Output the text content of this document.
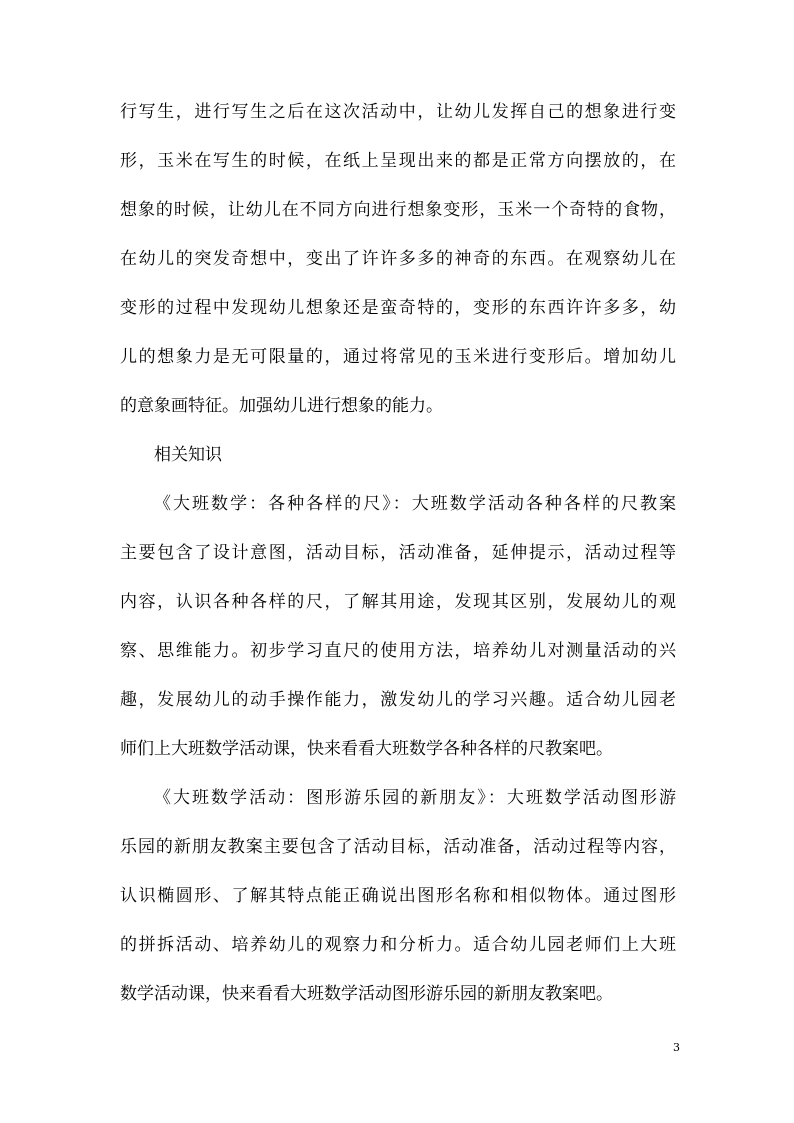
行写生，进行写生之后在这次活动中，让幼儿发挥自己的想象进行变
形，玉米在写生的时候，在纸上呈现出来的都是正常方向摆放的，在
想象的时候，让幼儿在不同方向进行想象变形，玉米一个奇特的食物，
在幼儿的突发奇想中，变出了许许多多的神奇的东西。在观察幼儿在
变形的过程中发现幼儿想象还是蛮奇特的，变形的东西许许多多，幼
儿的想象力是无可限量的，通过将常见的玉米进行变形后。增加幼儿
的意象画特征。加强幼儿进行想象的能力。
相关知识
《大班数学：各种各样的尺》：大班数学活动各种各样的尺教案
主要包含了设计意图，活动目标，活动准备，延伸提示，活动过程等
内容，认识各种各样的尺，了解其用途，发现其区别，发展幼儿的观
察、思维能力。初步学习直尺的使用方法，培养幼儿对测量活动的兴
趣，发展幼儿的动手操作能力，激发幼儿的学习兴趣。适合幼儿园老
师们上大班数学活动课，快来看看大班数学各种各样的尺教案吧。
《大班数学活动：图形游乐园的新朋友》：大班数学活动图形游
乐园的新朋友教案主要包含了活动目标，活动准备，活动过程等内容，
认识椭圆形、了解其特点能正确说出图形名称和相似物体。通过图形
的拼拆活动、培养幼儿的观察力和分析力。适合幼儿园老师们上大班
数学活动课，快来看看大班数学活动图形游乐园的新朋友教案吧。
3
